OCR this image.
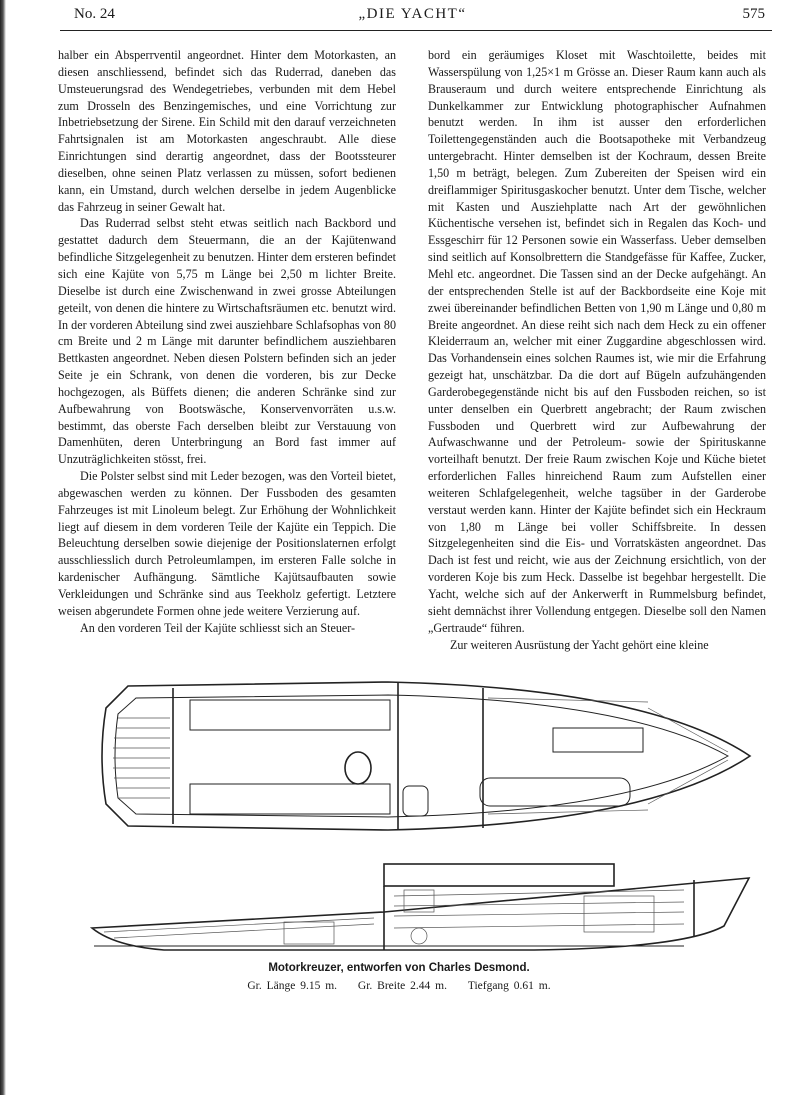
No. 24	„DIE YACHT“	575

halber ein Absperrventil angeordnet. Hinter dem Motorkasten, an diesen anschliessend, befindet sich das Ruderrad, daneben das Umsteuerungsrad des Wendegetriebes, verbunden mit dem Hebel zum Drosseln des Benzingemisches, und eine Vorrichtung zur Inbetriebsetzung der Sirene. Ein Schild mit den darauf verzeichneten Fahrtsignalen ist am Motorkasten angeschraubt. Alle diese Einrichtungen sind derartig angeordnet, dass der Bootssteurer dieselben, ohne seinen Platz verlassen zu müssen, sofort bedienen kann, ein Umstand, durch welchen derselbe in jedem Augenblicke das Fahrzeug in seiner Gewalt hat.

Das Ruderrad selbst steht etwas seitlich nach Backbord und gestattet dadurch dem Steuermann, die an der Kajütenwand befindliche Sitzgelegenheit zu benutzen. Hinter dem ersteren befindet sich eine Kajüte von 5,75 m Länge bei 2,50 m lichter Breite. Dieselbe ist durch eine Zwischenwand in zwei grosse Abteilungen geteilt, von denen die hintere zu Wirtschaftsräumen etc. benutzt wird. In der vorderen Abteilung sind zwei ausziehbare Schlafsophas von 80 cm Breite und 2 m Länge mit darunter befindlichem ausziehbaren Bettkasten angeordnet. Neben diesen Polstern befinden sich an jeder Seite je ein Schrank, von denen die vorderen, bis zur Decke hochgezogen, als Büffets dienen; die anderen Schränke sind zur Aufbewahrung von Bootswäsche, Konservenvorräten u.s.w. bestimmt, das oberste Fach derselben bleibt zur Verstauung von Damenhüten, deren Unterbringung an Bord fast immer auf Unzuträglichkeiten stösst, frei.

Die Polster selbst sind mit Leder bezogen, was den Vorteil bietet, abgewaschen werden zu können. Der Fussboden des gesamten Fahrzeuges ist mit Linoleum belegt. Zur Erhöhung der Wohnlichkeit liegt auf diesem in dem vorderen Teile der Kajüte ein Teppich. Die Beleuchtung derselben sowie diejenige der Positionslaternen erfolgt ausschliesslich durch Petroleumlampen, im ersteren Falle solche in kardenischer Aufhängung. Sämtliche Kajütsaufbauten sowie Verkleidungen und Schränke sind aus Teekholz gefertigt. Letztere weisen abgerundete Formen ohne jede weitere Verzierung auf.

An den vorderen Teil der Kajüte schliesst sich an Steuer-

bord ein geräumiges Kloset mit Waschtoilette, beides mit Wasserspülung von 1,25×1 m Grösse an. Dieser Raum kann auch als Brauseraum und durch weitere entsprechende Einrichtung als Dunkelkammer zur Entwicklung photographischer Aufnahmen benutzt werden. In ihm ist ausser den erforderlichen Toilettengegenständen auch die Bootsapotheke mit Verbandzeug untergebracht. Hinter demselben ist der Kochraum, dessen Breite 1,50 m beträgt, belegen. Zum Zubereiten der Speisen wird ein dreiflammiger Spiritusgaskocher benutzt. Unter dem Tische, welcher mit Kasten und Ausziehplatte nach Art der gewöhnlichen Küchentische versehen ist, befindet sich in Regalen das Koch- und Essgeschirr für 12 Personen sowie ein Wasserfass. Ueber demselben sind seitlich auf Konsolbrettern die Standgefässe für Kaffee, Zucker, Mehl etc. angeordnet. Die Tassen sind an der Decke aufgehängt. An der entsprechenden Stelle ist auf der Backbordseite eine Koje mit zwei übereinander befindlichen Betten von 1,90 m Länge und 0,80 m Breite angeordnet. An diese reiht sich nach dem Heck zu ein offener Kleiderraum an, welcher mit einer Zuggardine abgeschlossen wird. Das Vorhandensein eines solchen Raumes ist, wie mir die Erfahrung gezeigt hat, unschätzbar. Da die dort auf Bügeln aufzuhängenden Garderobegegenstände nicht bis auf den Fussboden reichen, so ist unter denselben ein Querbrett angebracht; der Raum zwischen Fussboden und Querbrett wird zur Aufbewahrung der Aufwaschwanne und der Petroleum- sowie der Spirituskanne vorteilhaft benutzt. Der freie Raum zwischen Koje und Küche bietet erforderlichen Falles hinreichend Raum zum Aufstellen einer weiteren Schlafgelegenheit, welche tagsüber in der Garderobe verstaut werden kann. Hinter der Kajüte befindet sich ein Heckraum von 1,80 m Länge bei voller Schiffsbreite. In dessen Sitzgelegenheiten sind die Eis- und Vorratskästen angeordnet. Das Dach ist fest und reicht, wie aus der Zeichnung ersichtlich, von der vorderen Koje bis zum Heck. Dasselbe ist begehbar hergestellt. Die Yacht, welche sich auf der Ankerwerft in Rummelsburg befindet, sieht demnächst ihrer Vollendung entgegen. Dieselbe soll den Namen „Gertraude“ führen.

Zur weiteren Ausrüstung der Yacht gehört eine kleine

Motorkreuzer, entworfen von Charles Desmond.
Gr. Länge 9.15 m. Gr. Breite 2.44 m. Tiefgang 0.61 m.
